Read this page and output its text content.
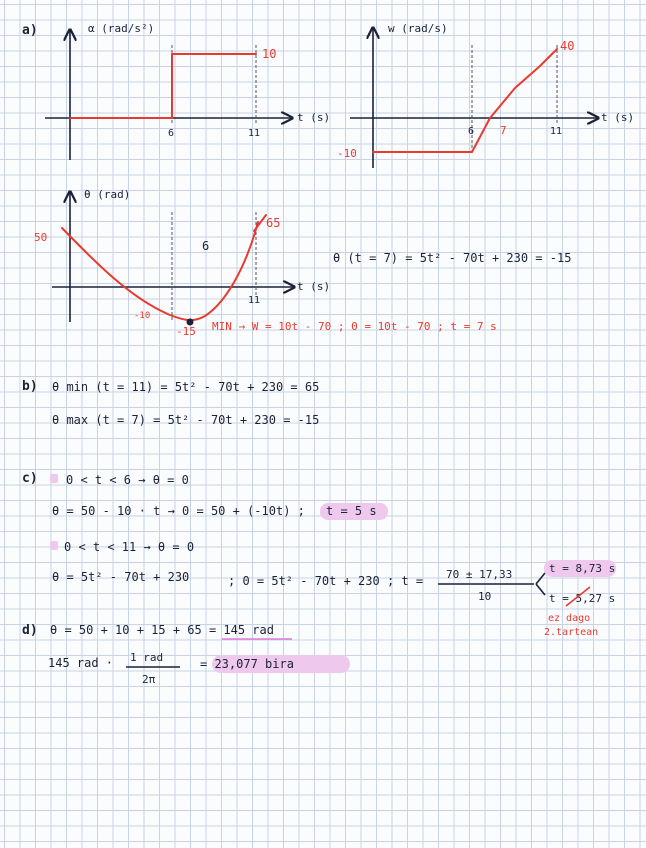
a)	α (rad/s²)
t (s)
6	11
10
w (rad/s)
t (s)
-10
40
6 7	11
θ (rad)
t (s)
50
65
6
-10
11
-15
θ (t = 7) = 5t² - 70t + 230 = -15
MIN → W = 10t - 70 ; 0 = 10t - 70 ; t = 7 s
b) θ min (t = 11) = 5t² - 70t + 230 = 65
θ max (t = 7) = 5t² - 70t + 230 = -15
c) 0 < t < 6 → θ = 0
θ = 50 - 10 · t → 0 = 50 + (-10t) ; t = 5 s
0 < t < 11 → θ = 0
θ = 5t² - 70t + 230	; 0 = 5t² - 70t + 230 ; t = 70 ± 17,33
10
t = 8,73 s
t = 5,27 s
ez dago
2.tartean
d) θ = 50 + 10 + 15 + 65 = 145 rad
145 rad · 1 rad
2π
= 23,077 bira
